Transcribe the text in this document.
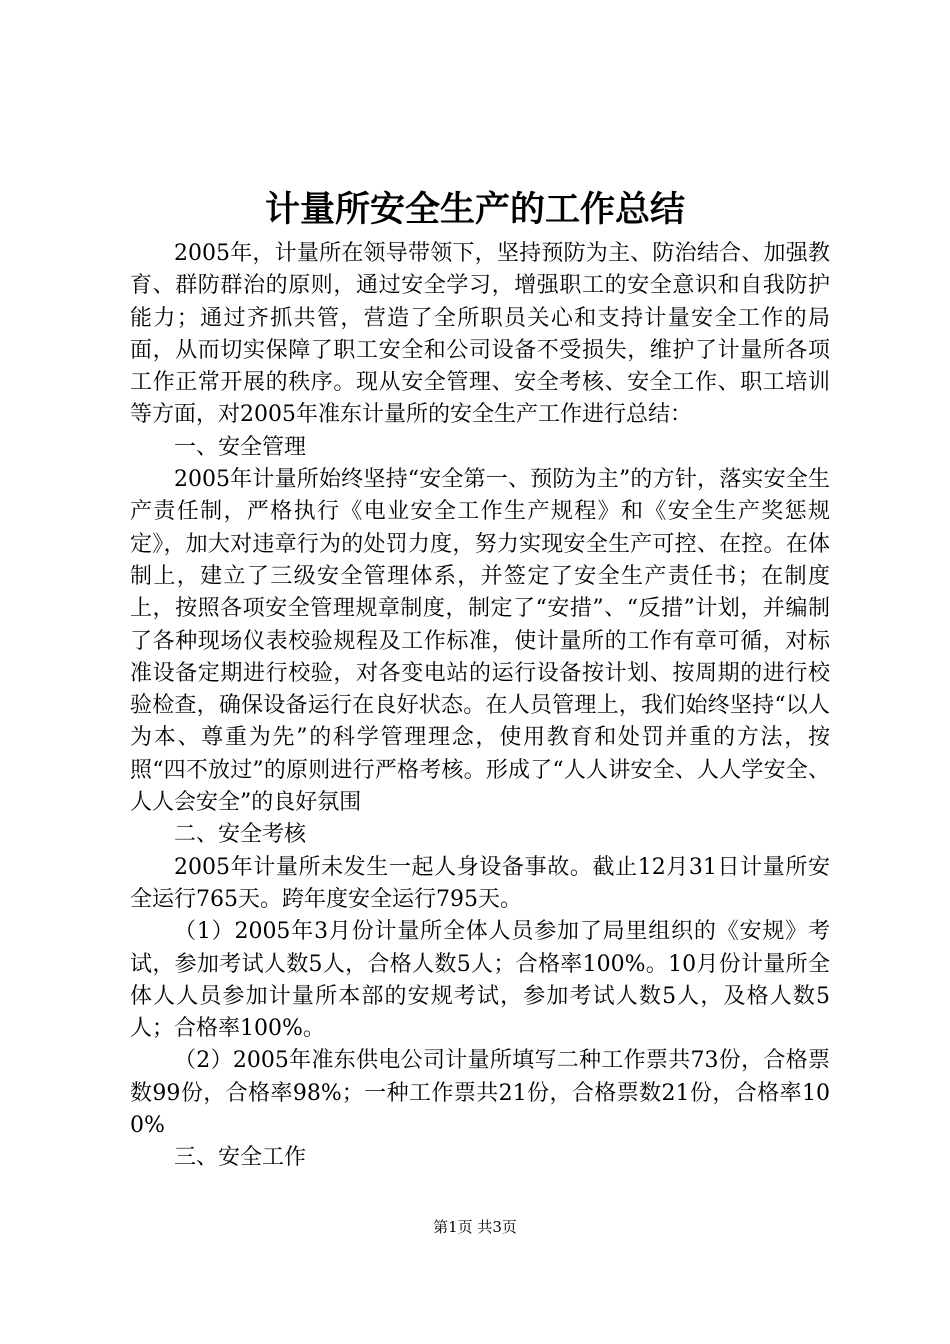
计量所安全生产的工作总结

2005年，计量所在领导带领下，坚持预防为主、防治结合、加强教育、群防群治的原则，通过安全学习，增强职工的安全意识和自我防护能力；通过齐抓共管，营造了全所职员关心和支持计量安全工作的局面，从而切实保障了职工安全和公司设备不受损失，维护了计量所各项工作正常开展的秩序。现从安全管理、安全考核、安全工作、职工培训等方面，对2005年准东计量所的安全生产工作进行总结：

一、安全管理

2005年计量所始终坚持“安全第一、预防为主”的方针，落实安全生产责任制，严格执行《电业安全工作生产规程》和《安全生产奖惩规定》，加大对违章行为的处罚力度，努力实现安全生产可控、在控。在体制上，建立了三级安全管理体系，并签定了安全生产责任书；在制度上，按照各项安全管理规章制度，制定了“安措”、“反措”计划，并编制了各种现场仪表校验规程及工作标准，使计量所的工作有章可循，对标准设备定期进行校验，对各变电站的运行设备按计划、按周期的进行校验检查，确保设备运行在良好状态。在人员管理上，我们始终坚持“以人为本、尊重为先”的科学管理理念，使用教育和处罚并重的方法，按照“四不放过”的原则进行严格考核。形成了“人人讲安全、人人学安全、人人会安全”的良好氛围

二、安全考核

2005年计量所未发生一起人身设备事故。截止12月31日计量所安全运行765天。跨年度安全运行795天。

（1）2005年3月份计量所全体人员参加了局里组织的《安规》考试，参加考试人数5人，合格人数5人；合格率100%。10月份计量所全体人人员参加计量所本部的安规考试，参加考试人数5人，及格人数5人；合格率100%。

（2）2005年准东供电公司计量所填写二种工作票共73份，合格票数99份，合格率98%；一种工作票共21份，合格票数21份，合格率100%

三、安全工作

第1页 共3页
